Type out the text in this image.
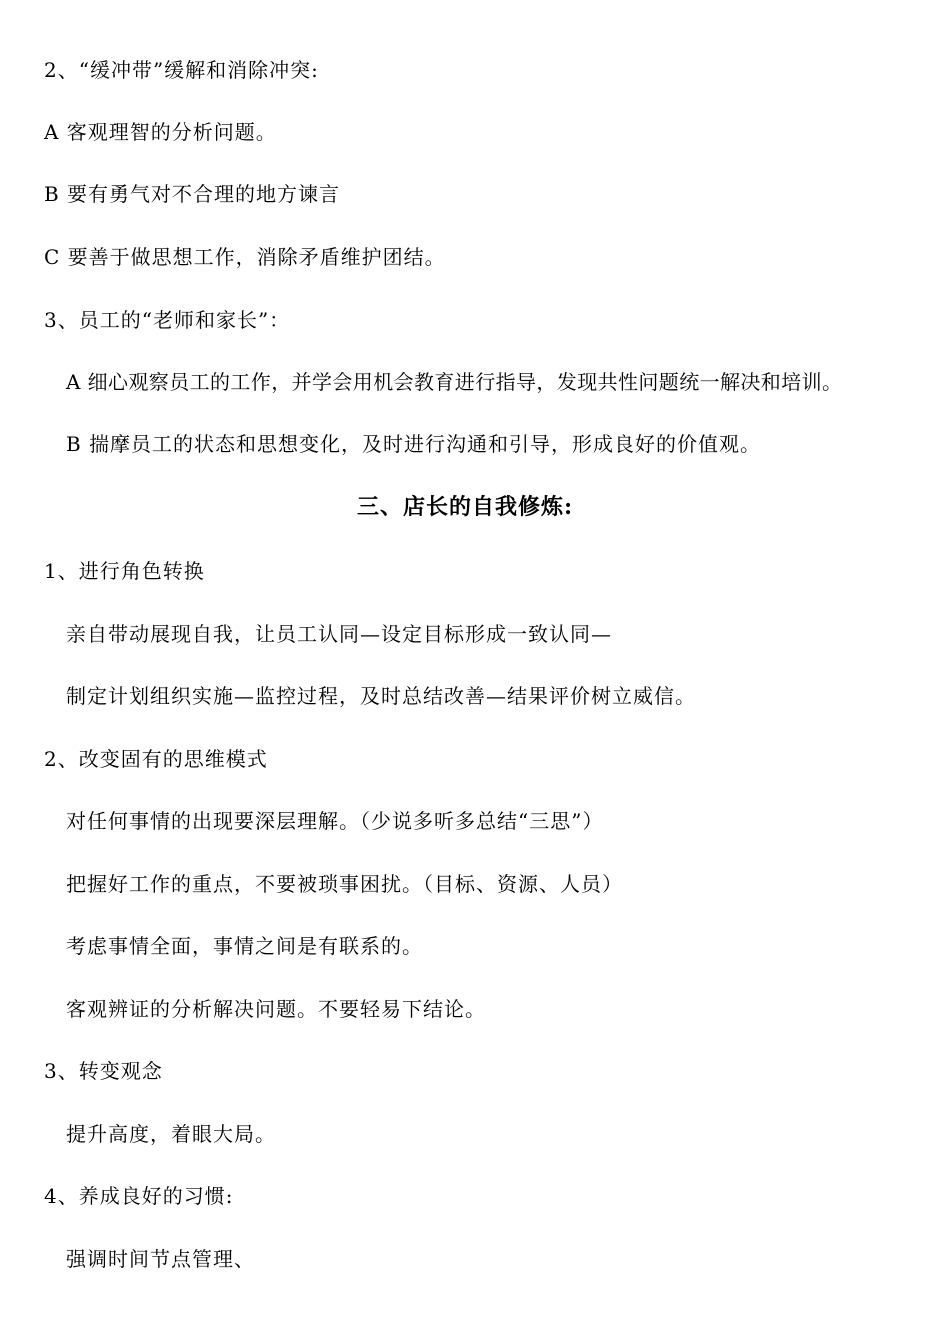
2、“缓冲带”缓解和消除冲突:
A 客观理智的分析问题。
B 要有勇气对不合理的地方谏言
C 要善于做思想工作，消除矛盾维护团结。
3、员工的“老师和家长”：
A 细心观察员工的工作，并学会用机会教育进行指导，发现共性问题统一解决和培训。
B 揣摩员工的状态和思想变化，及时进行沟通和引导，形成良好的价值观。
三、店长的自我修炼:
1、进行角色转换
亲自带动展现自我，让员工认同—设定目标形成一致认同—
制定计划组织实施—监控过程，及时总结改善—结果评价树立威信。
2、改变固有的思维模式
对任何事情的出现要深层理解。（少说多听多总结“三思”）
把握好工作的重点，不要被琐事困扰。（目标、资源、人员）
考虑事情全面，事情之间是有联系的。
客观辨证的分析解决问题。不要轻易下结论。
3、转变观念
提升高度，着眼大局。
4、养成良好的习惯:
强调时间节点管理、
